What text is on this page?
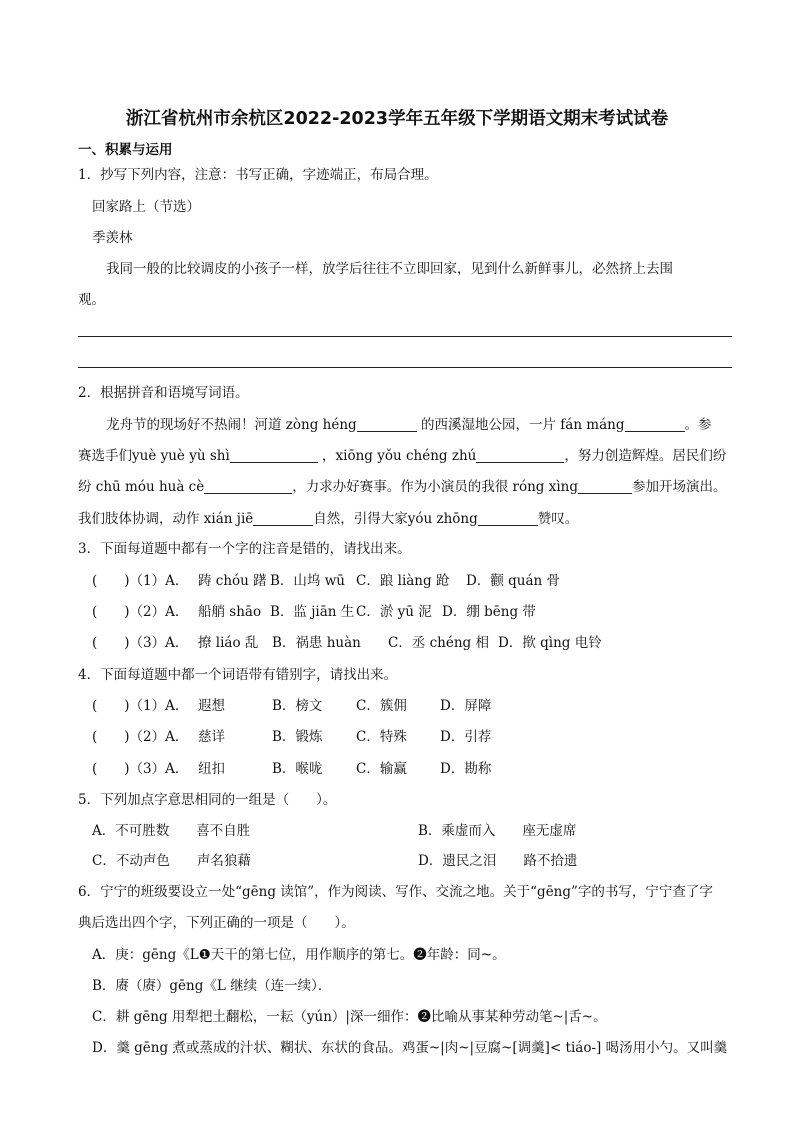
浙江省杭州市余杭区2022-2023学年五年级下学期语文期末考试试卷
一、积累与运用
1．抄写下列内容，注意：书写正确，字迹端正，布局合理。
回家路上（节选）
季羡林
我同一般的比较调皮的小孩子一样，放学后往往不立即回家，见到什么新鲜事儿，必然挤上去围
观。
2．根据拼音和语境写词语。
龙舟节的现场好不热闹！河道 zòng héng	的西溪湿地公园，一片 fán máng	。参
赛选手们yuè yuè yù shì	，xiōng yǒu chéng zhú	，努力创造辉煌。居民们纷
纷 chū móu huà cè	，力求办好赛事。作为小演员的我很 róng xìng	参加开场演出。
我们肢体协调，动作 xián jiē	自然，引得大家yóu zhōng	赞叹。
3．下面每道题中都有一个字的注音是错的，请找出来。
(　　)（1）A． 踌 chóu 躇 B．山坞 wū C．踉 liàng 跄 D．颧 quán 骨
(　　)（2）A． 船艄 shāo B．监 jiān 生 C．淤 yū 泥 D．绷 bēng 带
(　　)（3）A． 撩 liáo 乱 B．祸患 huàn C．丞 chéng 相 D．揿 qìng 电铃
4．下面每道题中都一个词语带有错别字，请找出来。
(　　)（1）A． 遐想	B．榜文 C．簇佣 D．屏障
(　　)（2）A． 慈详	B．锻炼 C．特殊 D．引荐
(　　)（3）A． 纽扣	B．喉咙 C．输赢 D．勘称
5．下列加点字意思相同的一组是（　　）。
A．不可胜数　　喜不自胜	B．乘虚而入　　座无虚席
C．不动声色　　声名狼藉	D．遗民之泪　　路不拾遗
6．宁宁的班级要设立一处“gēng 读馆”，作为阅读、写作、交流之地。关于“gēng”字的书写，宁宁查了字
典后选出四个字，下列正确的一项是（　　）。
A．庚：gēng《L❶天干的第七位，用作顺序的第七。❷年龄：同~。
B．赓（赓）gēng《L 继续（连一续）．
C．耕 gēng 用犁把土翻松，一耘（yún）|深一细作：❷比喻从事某种劳动笔~|舌~。
D．羹 gēng 煮或蒸成的汁状、糊状、东状的食品。鸡蛋~|肉~|豆腐~[调羹]< tiáo-] 喝汤用小勺。又叫羹
